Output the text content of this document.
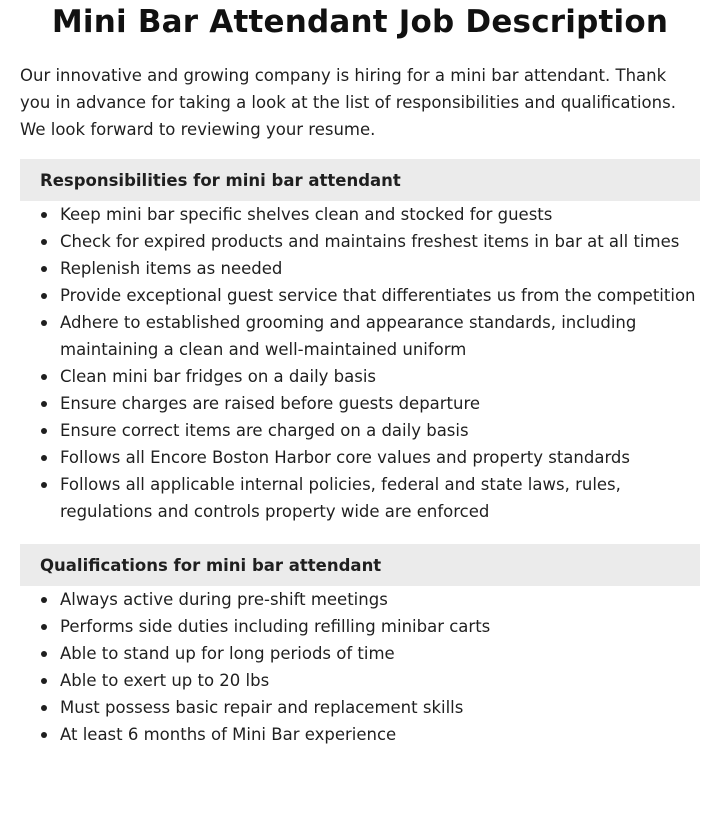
Mini Bar Attendant Job Description

Our innovative and growing company is hiring for a mini bar attendant. Thank you in advance for taking a look at the list of responsibilities and qualifications. We look forward to reviewing your resume.

Responsibilities for mini bar attendant
Keep mini bar specific shelves clean and stocked for guests
Check for expired products and maintains freshest items in bar at all times
Replenish items as needed
Provide exceptional guest service that differentiates us from the competition
Adhere to established grooming and appearance standards, including maintaining a clean and well-maintained uniform
Clean mini bar fridges on a daily basis
Ensure charges are raised before guests departure
Ensure correct items are charged on a daily basis
Follows all Encore Boston Harbor core values and property standards
Follows all applicable internal policies, federal and state laws, rules, regulations and controls property wide are enforced
Qualifications for mini bar attendant
Always active during pre-shift meetings
Performs side duties including refilling minibar carts
Able to stand up for long periods of time
Able to exert up to 20 lbs
Must possess basic repair and replacement skills
At least 6 months of Mini Bar experience
